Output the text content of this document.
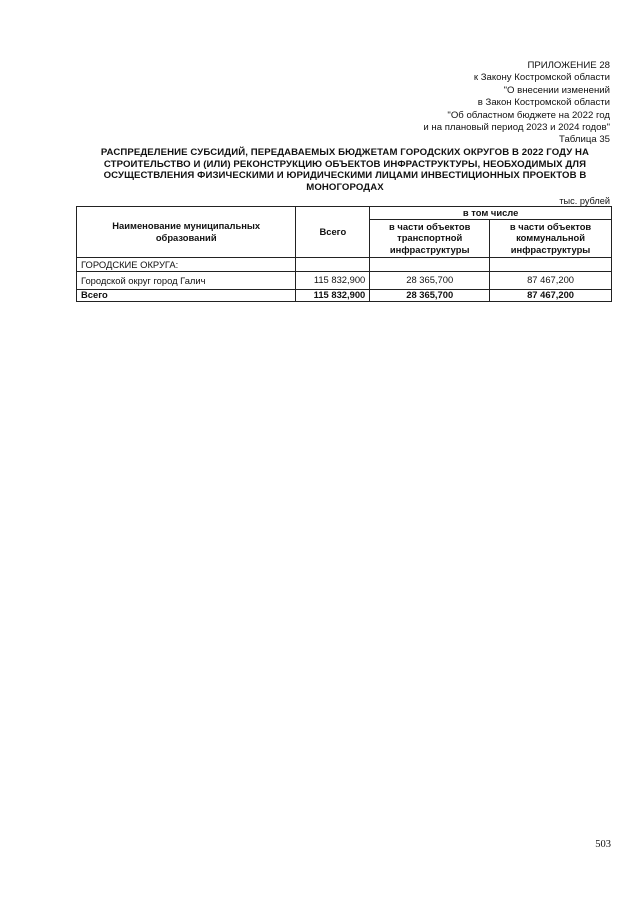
ПРИЛОЖЕНИЕ 28
к Закону Костромской области
"О внесении изменений
в Закон Костромской области
"Об областном бюджете на 2022 год
и на плановый период 2023 и 2024 годов"
Таблица 35
РАСПРЕДЕЛЕНИЕ СУБСИДИЙ, ПЕРЕДАВАЕМЫХ БЮДЖЕТАМ ГОРОДСКИХ ОКРУГОВ В 2022 ГОДУ НА
СТРОИТЕЛЬСТВО И (ИЛИ) РЕКОНСТРУКЦИЮ ОБЪЕКТОВ ИНФРАСТРУКТУРЫ, НЕОБХОДИМЫХ ДЛЯ
ОСУЩЕСТВЛЕНИЯ ФИЗИЧЕСКИМИ И ЮРИДИЧЕСКИМИ ЛИЦАМИ ИНВЕСТИЦИОННЫХ ПРОЕКТОВ В
МОНОГОРОДАХ
тыс. рублей
Наименование муниципальных образований	Всего	в том числе	
		в части объектов транспортной инфраструктуры	в части объектов коммунальной инфраструктуры
ГОРОДСКИЕ ОКРУГА:			
Городской округ город Галич	115 832,900	28 365,700	87 467,200
Всего	115 832,900	28 365,700	87 467,200
503
